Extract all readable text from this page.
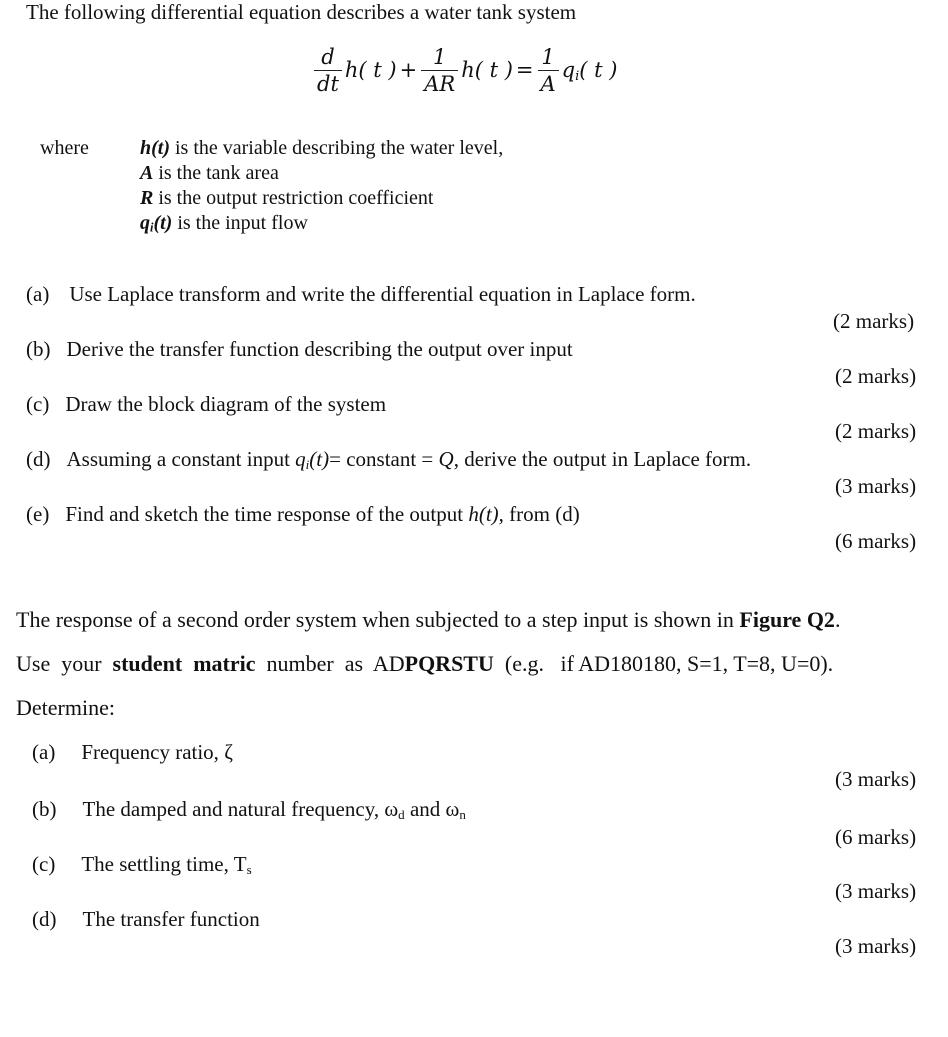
The following differential equation describes a water tank system
$\frac{d}{dt} h$( t ) + $\frac{1}{AR} h$( t ) = $\frac{1}{A} q_i$( t )
where	h(t) is the variable describing the water level,
A is the tank area
R is the output restriction coefficient
$q_i(t)$ is the input flow
(a) Use Laplace transform and write the differential equation in Laplace form.
(2 marks)
(b) Derive the transfer function describing the output over input
(2 marks)
(c) Draw the block diagram of the system
(2 marks)
(d) Assuming a constant input $q_i(t)=$ constant = Q, derive the output in Laplace form.
(3 marks)
(e) Find and sketch the time response of the output h(t), from (d)
(6 marks)
The response of a second order system when subjected to a step input is shown in Figure Q2.
Use  your  student  matric  number  as  ADPQRSTU  (e.g.   if AD180180, S=1, T=8, U=0).
Determine:
(a) Frequency ratio, ζ
(3 marks)
(b) The damped and natural frequency, $\omega_d$ and $\omega_n$
(6 marks)
(c) The settling time, $T_s$
(3 marks)
(d) The transfer function
(3 marks)
